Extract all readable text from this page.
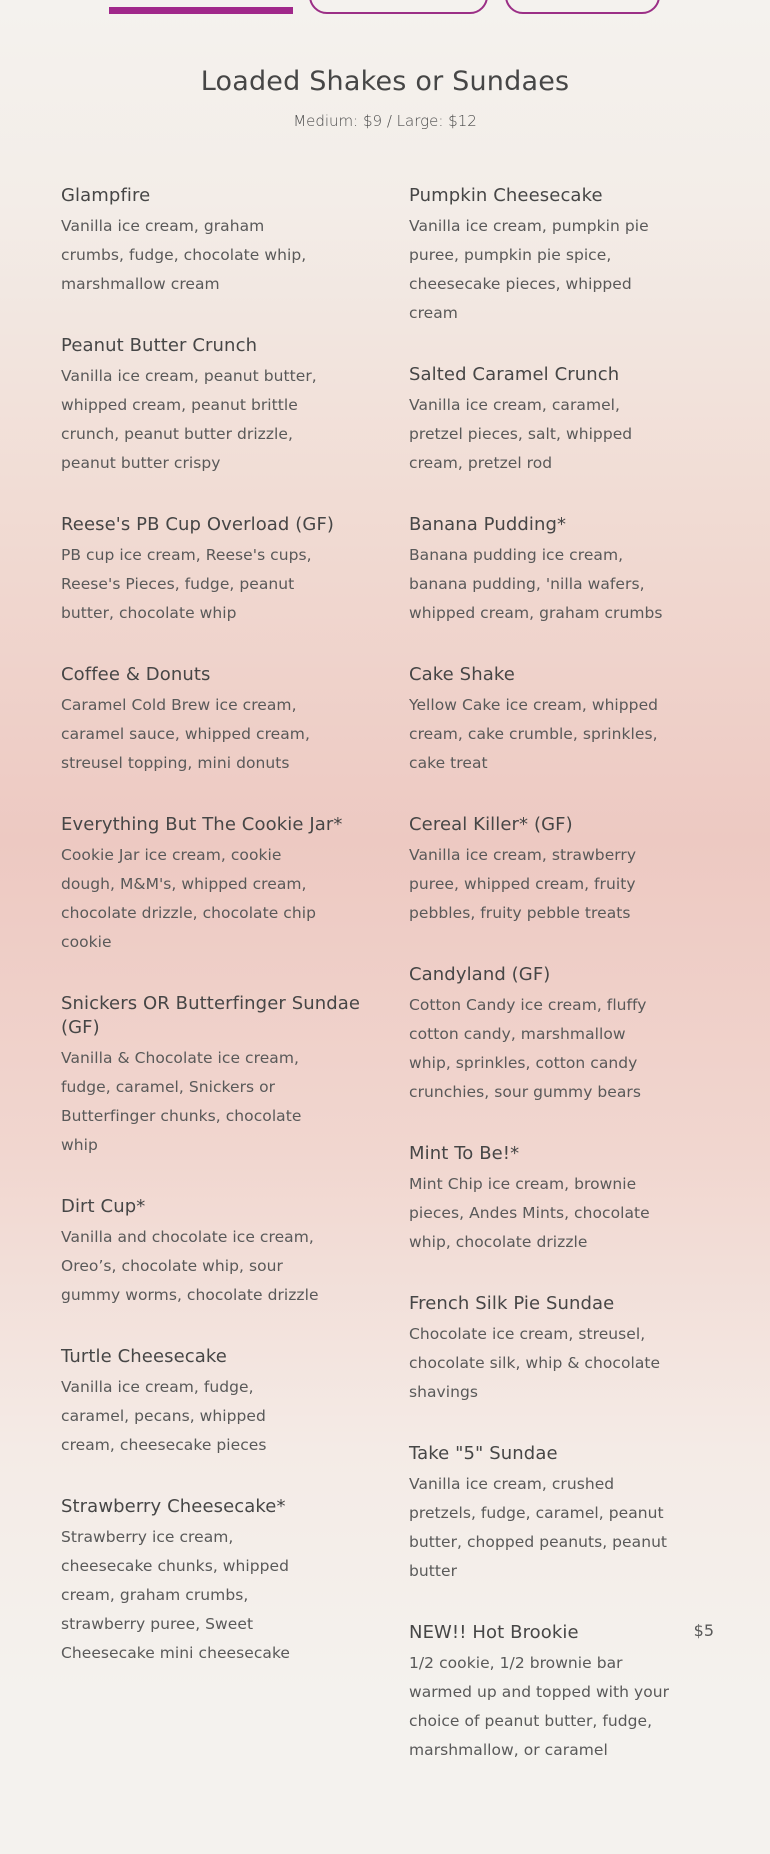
Loaded Shakes or Sundaes
Medium: $9 / Large: $12
Glampfire

Vanilla ice cream, graham crumbs, fudge, chocolate whip, marshmallow cream

Peanut Butter Crunch

Vanilla ice cream, peanut butter, whipped cream, peanut brittle crunch, peanut butter drizzle, peanut butter crispy

Reese's PB Cup Overload (GF)

PB cup ice cream, Reese's cups, Reese's Pieces, fudge, peanut butter, chocolate whip

Coffee & Donuts

Caramel Cold Brew ice cream, caramel sauce, whipped cream, streusel topping, mini donuts

Everything But The Cookie Jar*

Cookie Jar ice cream, cookie dough, M&M's, whipped cream, chocolate drizzle, chocolate chip cookie

Snickers OR Butterfinger Sundae (GF)

Vanilla & Chocolate ice cream, fudge, caramel, Snickers or Butterfinger chunks, chocolate whip

Dirt Cup*

Vanilla and chocolate ice cream, Oreo’s, chocolate whip, sour gummy worms, chocolate drizzle

Turtle Cheesecake

Vanilla ice cream, fudge, caramel, pecans, whipped cream, cheesecake pieces

Strawberry Cheesecake*

Strawberry ice cream, cheesecake chunks, whipped cream, graham crumbs, strawberry puree, Sweet Cheesecake mini cheesecake

Pumpkin Cheesecake

Vanilla ice cream, pumpkin pie puree, pumpkin pie spice, cheesecake pieces, whipped cream

Salted Caramel Crunch

Vanilla ice cream, caramel, pretzel pieces, salt, whipped cream, pretzel rod

Banana Pudding*

Banana pudding ice cream, banana pudding, 'nilla wafers, whipped cream, graham crumbs

Cake Shake

Yellow Cake ice cream, whipped cream, cake crumble, sprinkles, cake treat

Cereal Killer* (GF)

Vanilla ice cream, strawberry puree, whipped cream, fruity pebbles, fruity pebble treats

Candyland (GF)

Cotton Candy ice cream, fluffy cotton candy, marshmallow whip, sprinkles, cotton candy crunchies, sour gummy bears

Mint To Be!*

Mint Chip ice cream, brownie pieces, Andes Mints, chocolate whip, chocolate drizzle

French Silk Pie Sundae

Chocolate ice cream, streusel, chocolate silk, whip & chocolate shavings

Take "5" Sundae

Vanilla ice cream, crushed pretzels, fudge, caramel, peanut butter, chopped peanuts, peanut butter

NEW!! Hot Brookie	$5

1/2 cookie, 1/2 brownie bar warmed up and topped with your choice of peanut butter, fudge, marshmallow, or caramel
